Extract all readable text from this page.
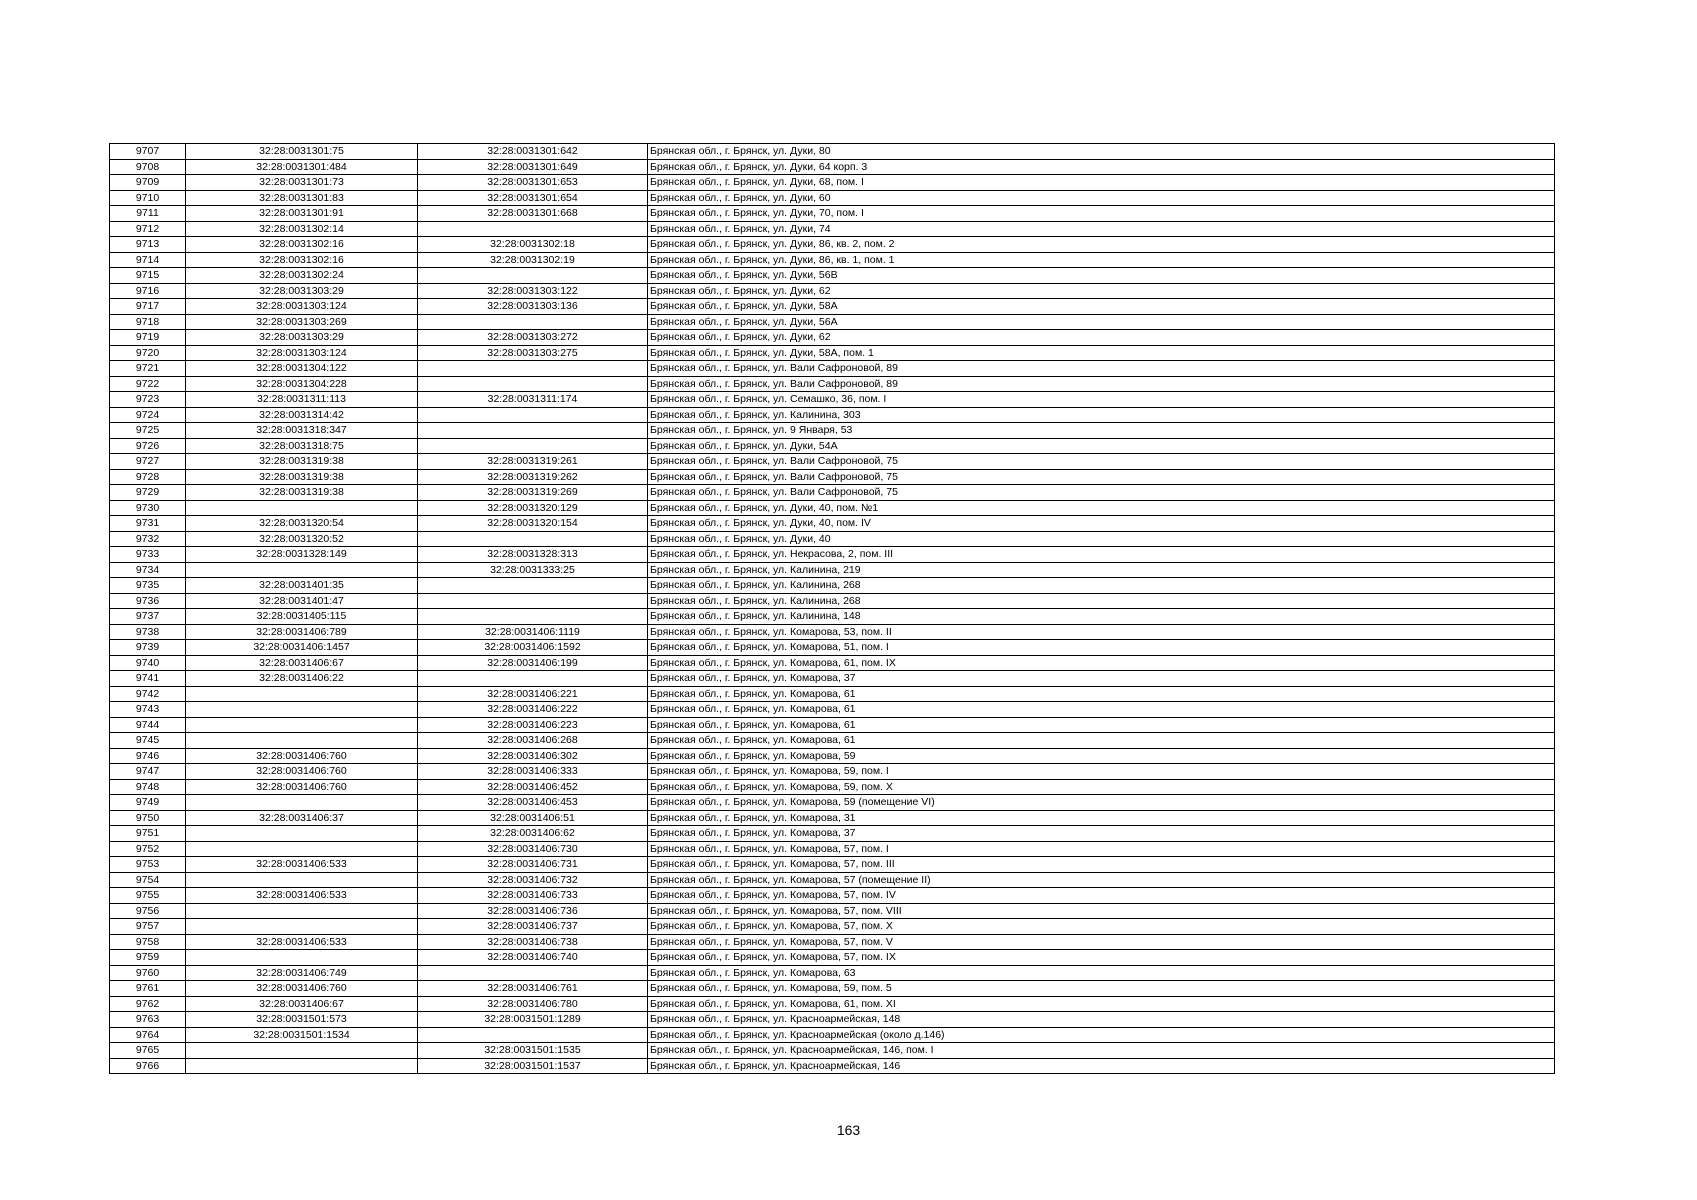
9707	32:28:0031301:75	32:28:0031301:642	Брянская обл., г. Брянск, ул. Дуки, 80
9708	32:28:0031301:484	32:28:0031301:649	Брянская обл., г. Брянск, ул. Дуки, 64 корп. 3
9709	32:28:0031301:73	32:28:0031301:653	Брянская обл., г. Брянск, ул. Дуки, 68, пом. I
9710	32:28:0031301:83	32:28:0031301:654	Брянская обл., г. Брянск, ул. Дуки, 60
9711	32:28:0031301:91	32:28:0031301:668	Брянская обл., г. Брянск, ул. Дуки, 70, пом. I
9712	32:28:0031302:14		Брянская обл., г. Брянск, ул. Дуки, 74
9713	32:28:0031302:16	32:28:0031302:18	Брянская обл., г. Брянск, ул. Дуки, 86, кв. 2, пом. 2
9714	32:28:0031302:16	32:28:0031302:19	Брянская обл., г. Брянск, ул. Дуки, 86, кв. 1, пом. 1
9715	32:28:0031302:24		Брянская обл., г. Брянск, ул. Дуки, 56В
9716	32:28:0031303:29	32:28:0031303:122	Брянская обл., г. Брянск, ул. Дуки, 62
9717	32:28:0031303:124	32:28:0031303:136	Брянская обл., г. Брянск, ул. Дуки, 58А
9718	32:28:0031303:269		Брянская обл., г. Брянск, ул. Дуки, 56А
9719	32:28:0031303:29	32:28:0031303:272	Брянская обл., г. Брянск, ул. Дуки, 62
9720	32:28:0031303:124	32:28:0031303:275	Брянская обл., г. Брянск, ул. Дуки, 58А, пом. 1
9721	32:28:0031304:122		Брянская обл., г. Брянск, ул. Вали Сафроновой, 89
9722	32:28:0031304:228		Брянская обл., г. Брянск, ул. Вали Сафроновой, 89
9723	32:28:0031311:113	32:28:0031311:174	Брянская обл., г. Брянск, ул. Семашко, 36, пом. I
9724	32:28:0031314:42		Брянская обл., г. Брянск, ул. Калинина, 303
9725	32:28:0031318:347		Брянская обл., г. Брянск, ул. 9 Января, 53
9726	32:28:0031318:75		Брянская обл., г. Брянск, ул. Дуки, 54А
9727	32:28:0031319:38	32:28:0031319:261	Брянская обл., г. Брянск, ул. Вали Сафроновой, 75
9728	32:28:0031319:38	32:28:0031319:262	Брянская обл., г. Брянск, ул. Вали Сафроновой, 75
9729	32:28:0031319:38	32:28:0031319:269	Брянская обл., г. Брянск, ул. Вали Сафроновой, 75
9730		32:28:0031320:129	Брянская обл., г. Брянск, ул. Дуки, 40, пом. №1
9731	32:28:0031320:54	32:28:0031320:154	Брянская обл., г. Брянск, ул. Дуки, 40, пом. IV
9732	32:28:0031320:52		Брянская обл., г. Брянск, ул. Дуки, 40
9733	32:28:0031328:149	32:28:0031328:313	Брянская обл., г. Брянск, ул. Некрасова, 2, пом. III
9734		32:28:0031333:25	Брянская обл., г. Брянск, ул. Калинина, 219
9735	32:28:0031401:35		Брянская обл., г. Брянск, ул. Калинина, 268
9736	32:28:0031401:47		Брянская обл., г. Брянск, ул. Калинина, 268
9737	32:28:0031405:115		Брянская обл., г. Брянск, ул. Калинина, 148
9738	32:28:0031406:789	32:28:0031406:1119	Брянская обл., г. Брянск, ул. Комарова, 53, пом. II
9739	32:28:0031406:1457	32:28:0031406:1592	Брянская обл., г. Брянск, ул. Комарова, 51, пом. I
9740	32:28:0031406:67	32:28:0031406:199	Брянская обл., г. Брянск, ул. Комарова, 61, пом. IX
9741	32:28:0031406:22		Брянская обл., г. Брянск, ул. Комарова, 37
9742		32:28:0031406:221	Брянская обл., г. Брянск, ул. Комарова, 61
9743		32:28:0031406:222	Брянская обл., г. Брянск, ул. Комарова, 61
9744		32:28:0031406:223	Брянская обл., г. Брянск, ул. Комарова, 61
9745		32:28:0031406:268	Брянская обл., г. Брянск, ул. Комарова, 61
9746	32:28:0031406:760	32:28:0031406:302	Брянская обл., г. Брянск, ул. Комарова, 59
9747	32:28:0031406:760	32:28:0031406:333	Брянская обл., г. Брянск, ул. Комарова, 59, пом. I
9748	32:28:0031406:760	32:28:0031406:452	Брянская обл., г. Брянск, ул. Комарова, 59, пом. X
9749		32:28:0031406:453	Брянская обл., г. Брянск, ул. Комарова, 59 (помещение VI)
9750	32:28:0031406:37	32:28:0031406:51	Брянская обл., г. Брянск, ул. Комарова, 31
9751		32:28:0031406:62	Брянская обл., г. Брянск, ул. Комарова, 37
9752		32:28:0031406:730	Брянская обл., г. Брянск, ул. Комарова, 57, пом. I
9753	32:28:0031406:533	32:28:0031406:731	Брянская обл., г. Брянск, ул. Комарова, 57, пом. III
9754		32:28:0031406:732	Брянская обл., г. Брянск, ул. Комарова, 57 (помещение II)
9755	32:28:0031406:533	32:28:0031406:733	Брянская обл., г. Брянск, ул. Комарова, 57, пом. IV
9756		32:28:0031406:736	Брянская обл., г. Брянск, ул. Комарова, 57, пом. VIII
9757		32:28:0031406:737	Брянская обл., г. Брянск, ул. Комарова, 57, пом. X
9758	32:28:0031406:533	32:28:0031406:738	Брянская обл., г. Брянск, ул. Комарова, 57, пом. V
9759		32:28:0031406:740	Брянская обл., г. Брянск, ул. Комарова, 57, пом. IX
9760	32:28:0031406:749		Брянская обл., г. Брянск, ул. Комарова, 63
9761	32:28:0031406:760	32:28:0031406:761	Брянская обл., г. Брянск, ул. Комарова, 59, пом. 5
9762	32:28:0031406:67	32:28:0031406:780	Брянская обл., г. Брянск, ул. Комарова, 61, пом. XI
9763	32:28:0031501:573	32:28:0031501:1289	Брянская обл., г. Брянск, ул. Красноармейская, 148
9764	32:28:0031501:1534		Брянская обл., г. Брянск, ул. Красноармейская (около д.146)
9765		32:28:0031501:1535	Брянская обл., г. Брянск, ул. Красноармейская, 146, пом. I
9766		32:28:0031501:1537	Брянская обл., г. Брянск, ул. Красноармейская, 146
163
